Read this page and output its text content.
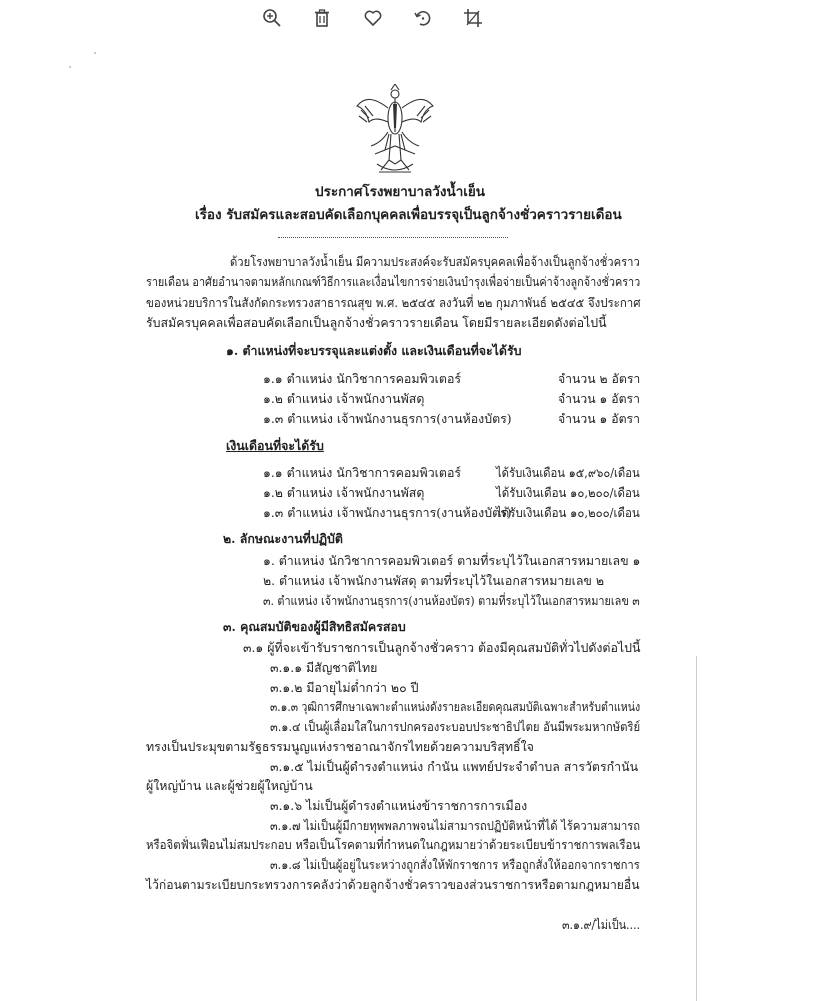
ประกาศโรงพยาบาลวังน้ำเย็น
เรื่อง รับสมัครและสอบคัดเลือกบุคคลเพื่อบรรจุเป็นลูกจ้างชั่วคราวรายเดือน
ด้วยโรงพยาบาลวังน้ำเย็น มีความประสงค์จะรับสมัครบุคคลเพื่อจ้างเป็นลูกจ้างชั่วคราว
รายเดือน อาศัยอำนาจตามหลักเกณฑ์วิธีการและเงื่อนไขการจ่ายเงินบำรุงเพื่อจ่ายเป็นค่าจ้างลูกจ้างชั่วคราว
ของหน่วยบริการในสังกัดกระทรวงสาธารณสุข พ.ศ. ๒๕๔๕ ลงวันที่ ๒๒ กุมภาพันธ์ ๒๕๔๕ จึงประกาศ
รับสมัครบุคคลเพื่อสอบคัดเลือกเป็นลูกจ้างชั่วคราวรายเดือน โดยมีรายละเอียดดังต่อไปนี้
๑. ตำแหน่งที่จะบรรจุและแต่งตั้ง และเงินเดือนที่จะได้รับ
๑.๑ ตำแหน่ง นักวิชาการคอมพิวเตอร์	จำนวน ๒ อัตรา
๑.๒ ตำแหน่ง เจ้าพนักงานพัสดุ	จำนวน ๑ อัตรา
๑.๓ ตำแหน่ง เจ้าพนักงานธุรการ(งานห้องบัตร)	จำนวน ๑ อัตรา
เงินเดือนที่จะได้รับ
๑.๑ ตำแหน่ง นักวิชาการคอมพิวเตอร์	ได้รับเงินเดือน ๑๕,๙๖๐/เดือน
๑.๒ ตำแหน่ง เจ้าพนักงานพัสดุ	ได้รับเงินเดือน ๑๐,๒๐๐/เดือน
๑.๓ ตำแหน่ง เจ้าพนักงานธุรการ(งานห้องบัตร)
ได้รับเงินเดือน ๑๐,๒๐๐/เดือน
๒. ลักษณะงานที่ปฏิบัติ
๑. ตำแหน่ง นักวิชาการคอมพิวเตอร์ ตามที่ระบุไว้ในเอกสารหมายเลข ๑
๒. ตำแหน่ง เจ้าพนักงานพัสดุ ตามที่ระบุไว้ในเอกสารหมายเลข ๒
๓. ตำแหน่ง เจ้าพนักงานธุรการ(งานห้องบัตร) ตามที่ระบุไว้ในเอกสารหมายเลข ๓
๓. คุณสมบัติของผู้มีสิทธิสมัครสอบ
๓.๑ ผู้ที่จะเข้ารับราชการเป็นลูกจ้างชั่วคราว ต้องมีคุณสมบัติทั่วไปดังต่อไปนี้
๓.๑.๑ มีสัญชาติไทย
๓.๑.๒ มีอายุไม่ต่ำกว่า ๒๐ ปี
๓.๑.๓ วุฒิการศึกษาเฉพาะตำแหน่งดังรายละเอียดคุณสมบัติเฉพาะสำหรับตำแหน่ง
๓.๑.๔ เป็นผู้เลื่อมใสในการปกครองระบอบประชาธิปไตย อันมีพระมหากษัตริย์
ทรงเป็นประมุขตามรัฐธรรมนูญแห่งราชอาณาจักรไทยด้วยความบริสุทธิ์ใจ
๓.๑.๕ ไม่เป็นผู้ดำรงตำแหน่ง กำนัน แพทย์ประจำตำบล สารวัตรกำนัน
ผู้ใหญ่บ้าน และผู้ช่วยผู้ใหญ่บ้าน
๓.๑.๖ ไม่เป็นผู้ดำรงตำแหน่งข้าราชการการเมือง
๓.๑.๗ ไม่เป็นผู้มีกายทุพพลภาพจนไม่สามารถปฏิบัติหน้าที่ได้ ไร้ความสามารถ
หรือจิตฟั่นเฟือนไม่สมประกอบ หรือเป็นโรคตามที่กำหนดในกฎหมายว่าด้วยระเบียบข้าราชการพลเรือน
๓.๑.๘ ไม่เป็นผู้อยู่ในระหว่างถูกสั่งให้พักราชการ หรือถูกสั่งให้ออกจากราชการ
ไว้ก่อนตามระเบียบกระทรวงการคลังว่าด้วยลูกจ้างชั่วคราวของส่วนราชการหรือตามกฎหมายอื่น
๓.๑.๙/ไม่เป็น....
